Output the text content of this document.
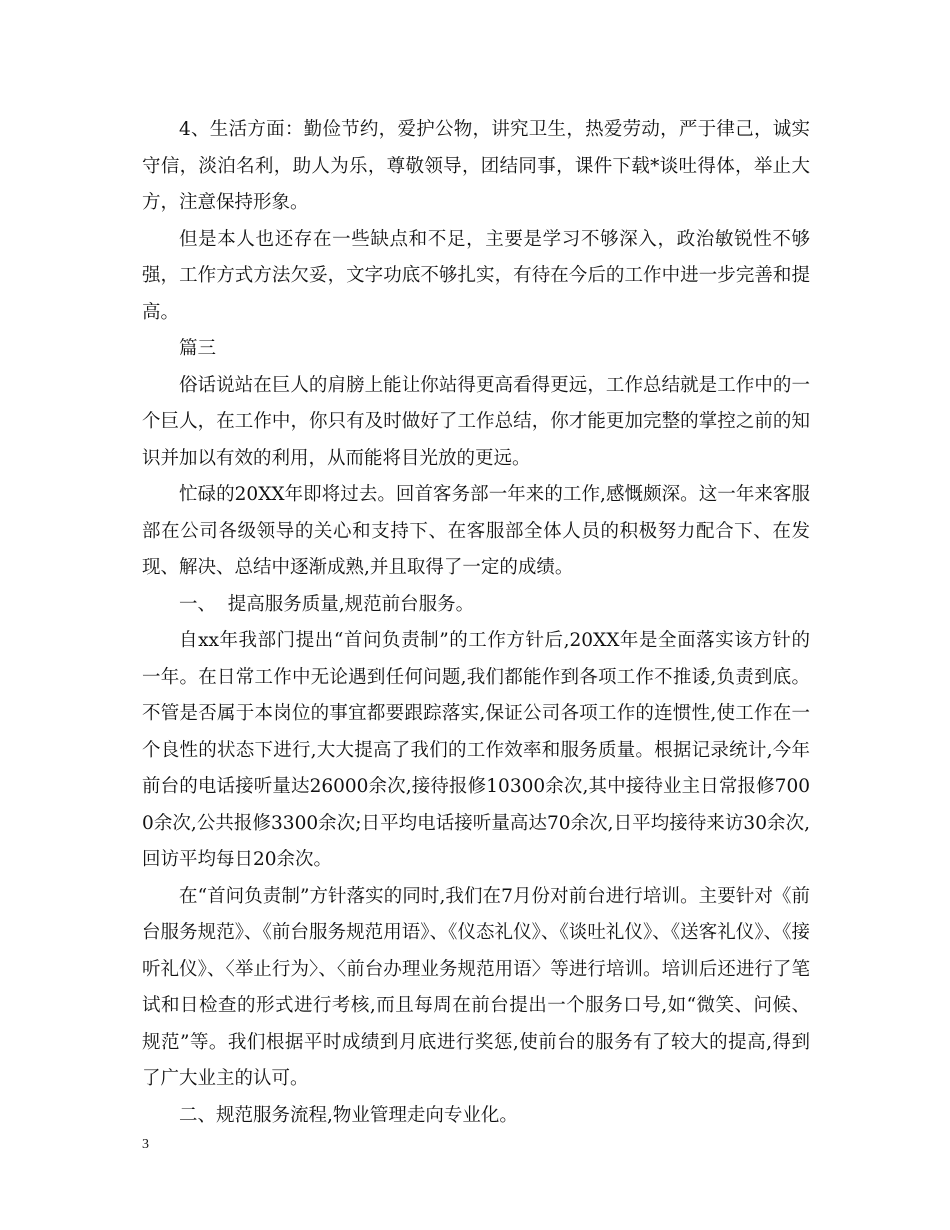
4、生活方面：勤俭节约，爱护公物，讲究卫生，热爱劳动，严于律己，诚实守信，淡泊名利，助人为乐，尊敬领导，团结同事，课件下载*谈吐得体，举止大方，注意保持形象。

但是本人也还存在一些缺点和不足，主要是学习不够深入，政治敏锐性不够强，工作方式方法欠妥，文字功底不够扎实，有待在今后的工作中进一步完善和提高。

篇三

俗话说站在巨人的肩膀上能让你站得更高看得更远，工作总结就是工作中的一个巨人，在工作中，你只有及时做好了工作总结，你才能更加完整的掌控之前的知识并加以有效的利用，从而能将目光放的更远。

忙碌的20XX年即将过去。回首客务部一年来的工作,感慨颇深。这一年来客服部在公司各级领导的关心和支持下、在客服部全体人员的积极努力配合下、在发现、解决、总结中逐渐成熟,并且取得了一定的成绩。

一、  提高服务质量,规范前台服务。

自xx年我部门提出“首问负责制”的工作方针后,20XX年是全面落实该方针的一年。在日常工作中无论遇到任何问题,我们都能作到各项工作不推诿,负责到底。不管是否属于本岗位的事宜都要跟踪落实,保证公司各项工作的连惯性,使工作在一个良性的状态下进行,大大提高了我们的工作效率和服务质量。根据记录统计,今年前台的电话接听量达26000余次,接待报修10300余次,其中接待业主日常报修7000余次,公共报修3300余次;日平均电话接听量高达70余次,日平均接待来访30余次,回访平均每日20余次。

在“首问负责制”方针落实的同时,我们在7月份对前台进行培训。主要针对《前台服务规范》、《前台服务规范用语》、《仪态礼仪》、《谈吐礼仪》、《送客礼仪》、《接听礼仪》、〈举止行为〉、〈前台办理业务规范用语〉等进行培训。培训后还进行了笔试和日检查的形式进行考核,而且每周在前台提出一个服务口号,如“微笑、问候、规范”等。我们根据平时成绩到月底进行奖惩,使前台的服务有了较大的提高,得到了广大业主的认可。

二、规范服务流程,物业管理走向专业化。

3
